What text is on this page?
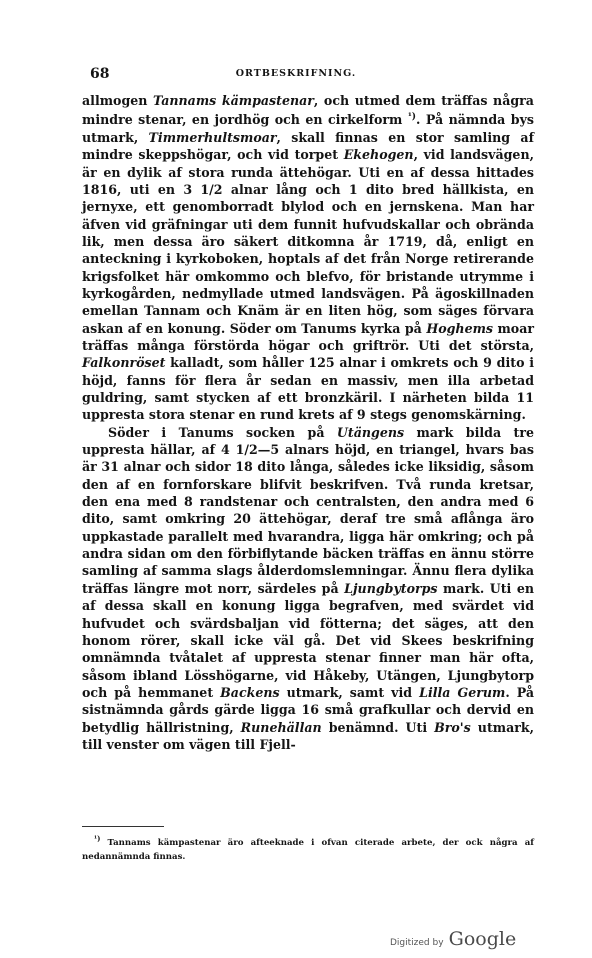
68	ORTBESKRIFNING.

allmogen Tannams kämpastenar, och utmed dem träffas några mindre stenar, en jordhög och en cirkelform $^{^1)}$. På nämnda bys utmark, Timmerhultsmoar, skall finnas en stor samling af mindre skeppshögar, och vid torpet Ekehogen, vid landsvägen, är en dylik af stora runda ättehögar. Uti en af dessa hittades 1816, uti en 3 1/2 alnar lång och 1 dito bred hällkista, en jernyxe, ett genomborradt blylod och en jernskena. Man har äfven vid gräfningar uti dem funnit hufvudskallar och obrända lik, men dessa äro säkert ditkomna år 1719, då, enligt en anteckning i kyrkoboken, hoptals af det från Norge retirerande krigsfolket här omkommo och blefvo, för bristande utrymme i kyrkogården, nedmyllade utmed landsvägen. På ägoskillnaden emellan Tannam och Knäm är en liten hög, som säges förvara askan af en konung. Söder om Tanums kyrka på Hoghems moar träffas många förstörda högar och griftrör. Uti det största, Falkonröset kalladt, som håller 125 alnar i omkrets och 9 dito i höjd, fanns för flera år sedan en massiv, men illa arbetad guldring, samt stycken af ett bronzkäril. I närheten bilda 11 uppresta stora stenar en rund krets af 9 stegs genomskärning.

Söder i Tanums socken på Utängens mark bilda tre uppresta hällar, af 4 1/2—5 alnars höjd, en triangel, hvars bas är 31 alnar och sidor 18 dito långa, således icke liksidig, såsom den af en fornforskare blifvit beskrifven. Två runda kretsar, den ena med 8 randstenar och centralsten, den andra med 6 dito, samt omkring 20 ättehögar, deraf tre små aflånga äro uppkastade parallelt med hvarandra, ligga här omkring; och på andra sidan om den förbiflytande bäcken träffas en ännu större samling af samma slags ålderdomslemningar. Ännu flera dylika träffas längre mot norr, särdeles på Ljungbytorps mark. Uti en af dessa skall en konung ligga begrafven, med svärdet vid hufvudet och svärdsbaljan vid fötterna; det säges, att den honom rörer, skall icke väl gå. Det vid Skees beskrifning omnämnda tvåtalet af uppresta stenar finner man här ofta, såsom ibland Lösshögarne, vid Håkeby, Utängen, Ljungbytorp och på hemmanet Backens utmark, samt vid Lilla Gerum. På sistnämnda gårds gärde ligga 16 små grafkullar och dervid en betydlig hällristning, Runehällan benämnd. Uti Bro's utmark, till venster om vägen till Fjell-

$^{^1)}$ Tannams kämpastenar äro afteeknade i ofvan citerade arbete, der ock några af nedannämnda finnas.
Digitized by Google
